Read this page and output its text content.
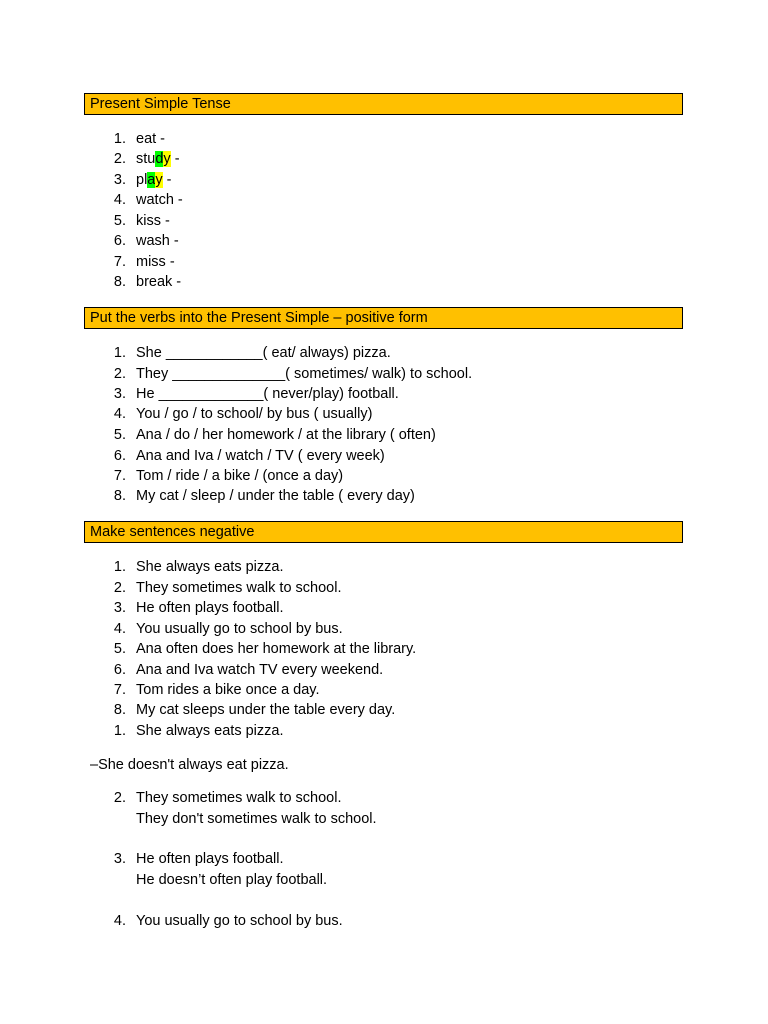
Present Simple Tense
1 . eat -
2 . study -
3 . play -
4 . watch -
5 . kiss -
6 . wash -
7 . miss -
8 . break -
Put the verbs into the Present Simple – positive form
1 . She ____________( eat/ always) pizza.
2 . They ______________( sometimes/ walk) to school.
3 . He _____________( never/play) football.
4 . You / go / to school/ by bus ( usually)
5 . Ana / do / her homework / at the library ( often)
6 . Ana and Iva / watch / TV ( every week)
7 . Tom / ride / a bike / (once a day)
8 . My cat / sleep / under the table ( every day)
Make sentences negative
1 . She always eats pizza.
2 . They sometimes walk to school.
3 . He often plays football.
4 . You usually go to school by bus.
5 . Ana often does her homework at the library.
6 . Ana and Iva watch TV every weekend.
7 . Tom rides a bike once a day.
8 . My cat sleeps under the table every day.
1 . She always eats pizza.
–She doesn't always eat pizza.
2 . They sometimes walk to school.
They don't sometimes walk to school.
3 . He often plays football.
He doesn’t often play football.
4 . You usually go to school by bus.
